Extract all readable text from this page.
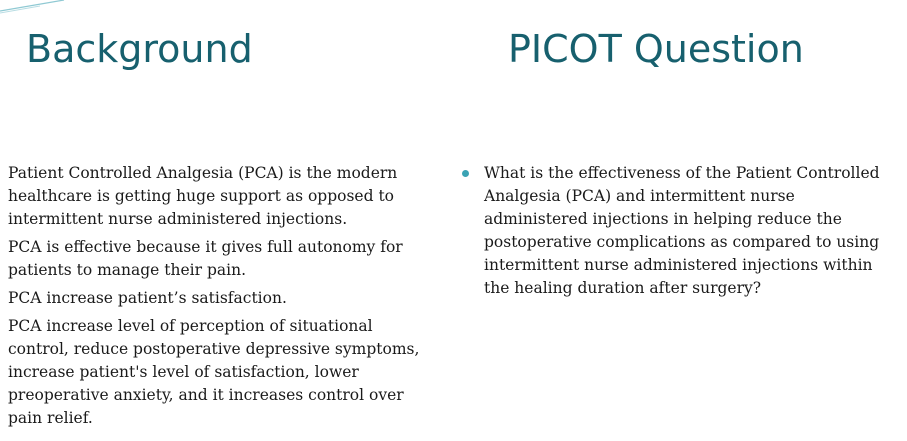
Background	PICOT Question

Patient Controlled Analgesia (PCA) is the modern healthcare is getting huge support as opposed to intermittent nurse administered injections.

PCA is effective because it gives full autonomy for patients to manage their pain.

PCA increase patient’s satisfaction.

PCA increase level of perception of situational control, reduce postoperative depressive symptoms, increase patient's level of satisfaction, lower preoperative anxiety, and it increases control over pain relief.

What is the effectiveness of the Patient Controlled Analgesia (PCA) and intermittent nurse administered injections in helping reduce the postoperative complications as compared to using intermittent nurse administered injections within the healing duration after surgery?
